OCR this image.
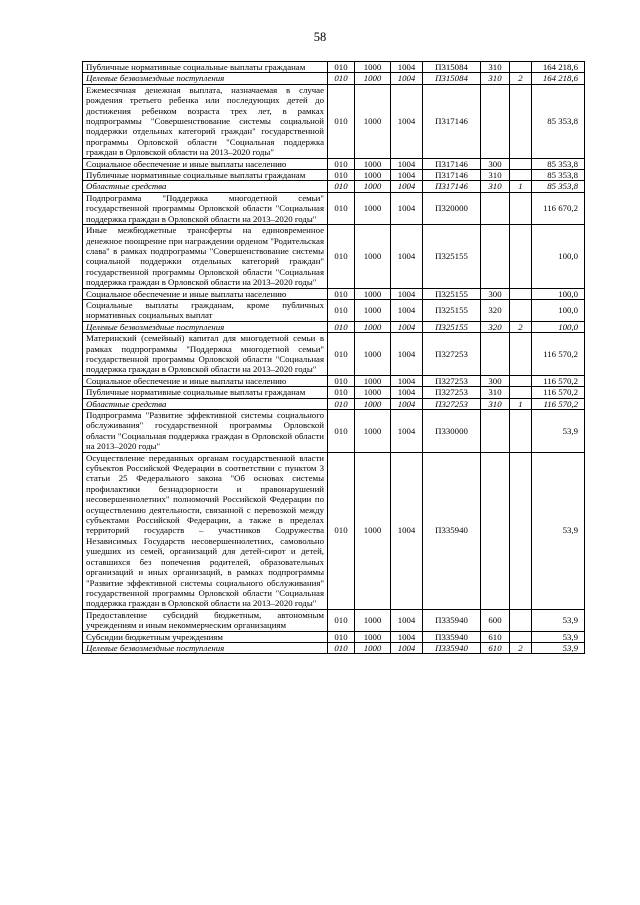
58
Публичные нормативные социальные выплаты гражданам	010	1000	1004	П315084	310		164 218,6
Целевые безвозмездные поступления	010	1000	1004	П315084	310	2	164 218,6
Ежемесячная денежная выплата, назначаемая в случае рождения третьего ребенка или последующих детей до достижения ребенком возраста трех лет, в рамках подпрограммы "Совершенствование системы социальной поддержки отдельных категорий граждан" государственной программы Орловской области "Социальная поддержка граждан в Орловской области на 2013–2020 годы"	010	1000	1004	П317146			85 353,8
Социальное обеспечение и иные выплаты населению	010	1000	1004	П317146	300		85 353,8
Публичные нормативные социальные выплаты гражданам	010	1000	1004	П317146	310		85 353,8
Областные средства	010	1000	1004	П317146	310	1	85 353,8
Подпрограмма "Поддержка многодетной семьи" государственной программы Орловской области "Социальная поддержка граждан в Орловской области на 2013–2020 годы"	010	1000	1004	П320000			116 670,2
Иные межбюджетные трансферты на единовременное денежное поощрение при награждении орденом "Родительская слава" в рамках подпрограммы "Совершенствование системы социальной поддержки отдельных категорий граждан" государственной программы Орловской области "Социальная поддержка граждан в Орловской области на 2013–2020 годы"	010	1000	1004	П325155			100,0
Социальное обеспечение и иные выплаты населению	010	1000	1004	П325155	300		100,0
Социальные выплаты гражданам, кроме публичных нормативных социальных выплат	010	1000	1004	П325155	320		100,0
Целевые безвозмездные поступления	010	1000	1004	П325155	320	2	100,0
Материнский (семейный) капитал для многодетной семьи в рамках подпрограммы "Поддержка многодетной семьи" государственной программы Орловской области "Социальная поддержка граждан в Орловской области на 2013–2020 годы"	010	1000	1004	П327253			116 570,2
Социальное обеспечение и иные выплаты населению	010	1000	1004	П327253	300		116 570,2
Публичные нормативные социальные выплаты гражданам	010	1000	1004	П327253	310		116 570,2
Областные средства	010	1000	1004	П327253	310	1	116 570,2
Подпрограмма "Развитие эффективной системы социального обслуживания" государственной программы Орловской области "Социальная поддержка граждан в Орловской области на 2013–2020 годы"	010	1000	1004	П330000			53,9
Осуществление переданных органам государственной власти субъектов Российской Федерации в соответствии с пунктом 3 статьи 25 Федерального закона "Об основах системы профилактики безнадзорности и правонарушений несовершеннолетних" полномочий Российской Федерации по осуществлению деятельности, связанной с перевозкой между субъектами Российской Федерации, а также в пределах территорий государств – участников Содружества Независимых Государств несовершеннолетних, самовольно ушедших из семей, организаций для детей-сирот и детей, оставшихся без попечения родителей, образовательных организаций и иных организаций, в рамках подпрограммы "Развитие эффективной системы социального обслуживания" государственной программы Орловской области "Социальная поддержка граждан в Орловской области на 2013–2020 годы"	010	1000	1004	П335940			53,9
Предоставление субсидий бюджетным, автономным учреждениям и иным некоммерческим организациям	010	1000	1004	П335940	600		53,9
Субсидии бюджетным учреждениям	010	1000	1004	П335940	610		53,9
Целевые безвозмездные поступления	010	1000	1004	П335940	610	2	53,9
